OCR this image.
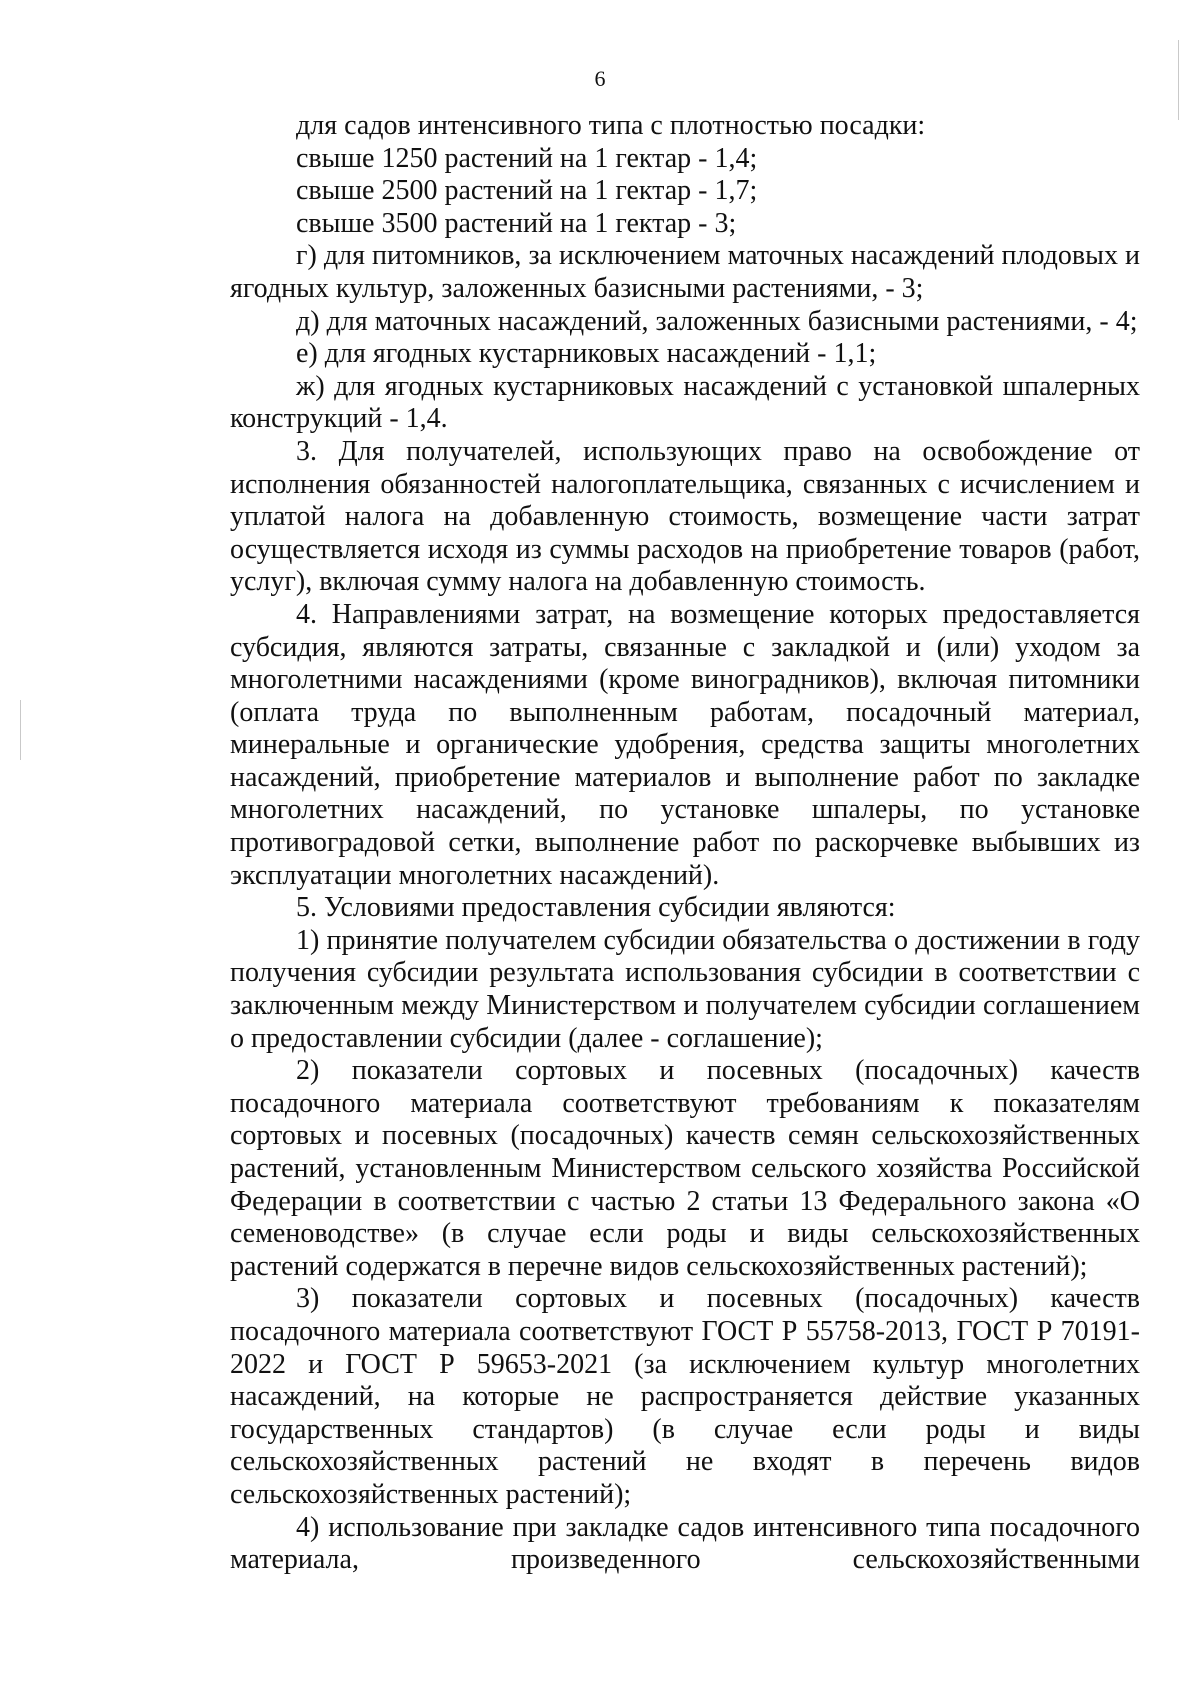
6

для садов интенсивного типа с плотностью посадки:

свыше 1250 растений на 1 гектар - 1,4;

свыше 2500 растений на 1 гектар - 1,7;

свыше 3500 растений на 1 гектар - 3;

г) для питомников, за исключением маточных насаждений плодовых и ягодных культур, заложенных базисными растениями, - 3;

д) для маточных насаждений, заложенных базисными растениями, - 4;

е) для ягодных кустарниковых насаждений - 1,1;

ж) для ягодных кустарниковых насаждений с установкой шпалерных конструкций - 1,4.

3. Для получателей, использующих право на освобождение от исполнения обязанностей налогоплательщика, связанных с исчислением и уплатой налога на добавленную стоимость, возмещение части затрат осуществляется исходя из суммы расходов на приобретение товаров (работ, услуг), включая сумму налога на добавленную стоимость.

4. Направлениями затрат, на возмещение которых предоставляется субсидия, являются затраты, связанные с закладкой и (или) уходом за многолетними насаждениями (кроме виноградников), включая питомники (оплата труда по выполненным работам, посадочный материал, минеральные и органические удобрения, средства защиты многолетних насаждений, приобретение материалов и выполнение работ по закладке многолетних насаждений, по установке шпалеры, по установке противоградовой сетки, выполнение работ по раскорчевке выбывших из эксплуатации многолетних насаждений).

5. Условиями предоставления субсидии являются:

1) принятие получателем субсидии обязательства о достижении в году получения субсидии результата использования субсидии в соответствии с заключенным между Министерством и получателем субсидии соглашением о предоставлении субсидии (далее - соглашение);

2) показатели сортовых и посевных (посадочных) качеств посадочного материала соответствуют требованиям к показателям сортовых и посевных (посадочных) качеств семян сельскохозяйственных растений, установленным Министерством сельского хозяйства Российской Федерации в соответствии с частью 2 статьи 13 Федерального закона «О семеноводстве» (в случае если роды и виды сельскохозяйственных растений содержатся в перечне видов сельскохозяйственных растений);

3) показатели сортовых и посевных (посадочных) качеств посадочного материала соответствуют ГОСТ Р 55758-2013, ГОСТ Р 70191-2022 и ГОСТ Р 59653-2021 (за исключением культур многолетних насаждений, на которые не распространяется действие указанных государственных стандартов) (в случае если роды и виды сельскохозяйственных растений не входят в перечень видов сельскохозяйственных растений);

4) использование при закладке садов интенсивного типа посадочного материала, произведенного сельскохозяйственными
